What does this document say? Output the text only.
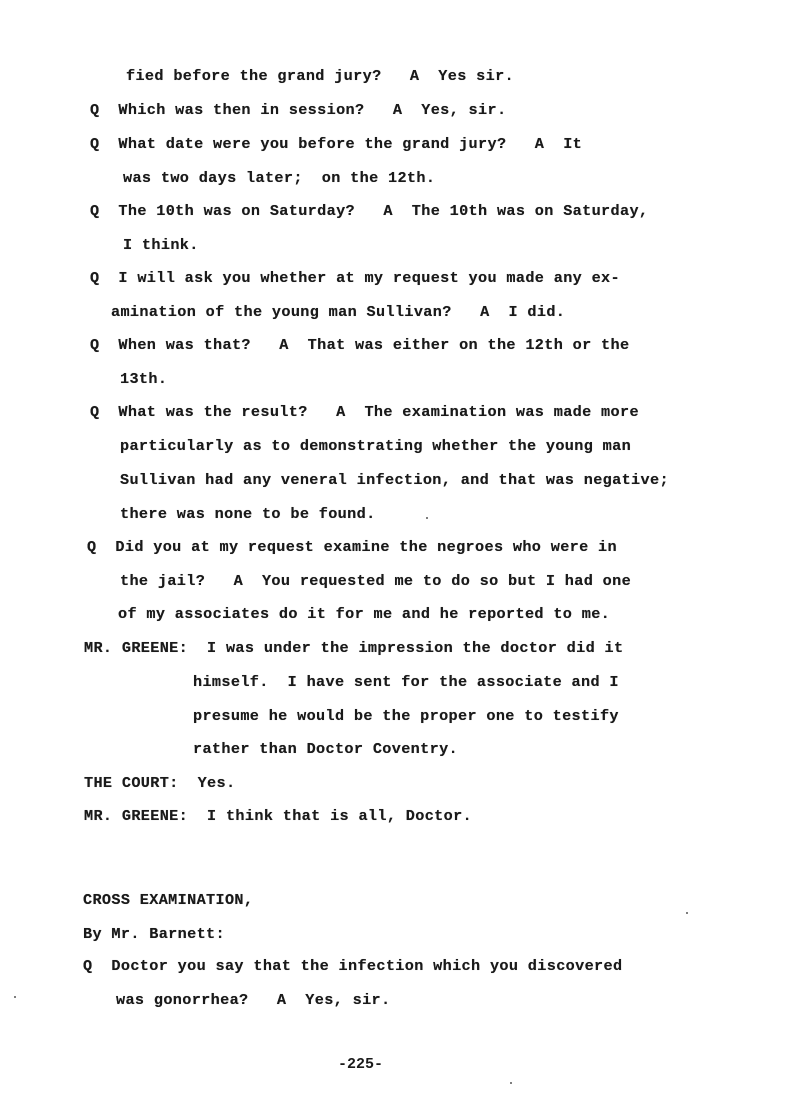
fied before the grand jury?   A  Yes sir.
Q  Which was then in session?   A  Yes, sir.
Q  What date were you before the grand jury?   A  It
was two days later;  on the 12th.
Q  The 10th was on Saturday?   A  The 10th was on Saturday,
I think.
Q  I will ask you whether at my request you made any ex-
amination of the young man Sullivan?   A  I did.
Q  When was that?   A  That was either on the 12th or the
13th.
Q  What was the result?   A  The examination was made more
particularly as to demonstrating whether the young man
Sullivan had any veneral infection, and that was negative;
there was none to be found.
Q  Did you at my request examine the negroes who were in
the jail?   A  You requested me to do so but I had one
of my associates do it for me and he reported to me.
MR. GREENE:  I was under the impression the doctor did it
himself.  I have sent for the associate and I
presume he would be the proper one to testify
rather than Doctor Coventry.
THE COURT:  Yes.
MR. GREENE:  I think that is all, Doctor.
CROSS EXAMINATION,
By Mr. Barnett:
Q  Doctor you say that the infection which you discovered
was gonorrhea?   A  Yes, sir.
-225-
